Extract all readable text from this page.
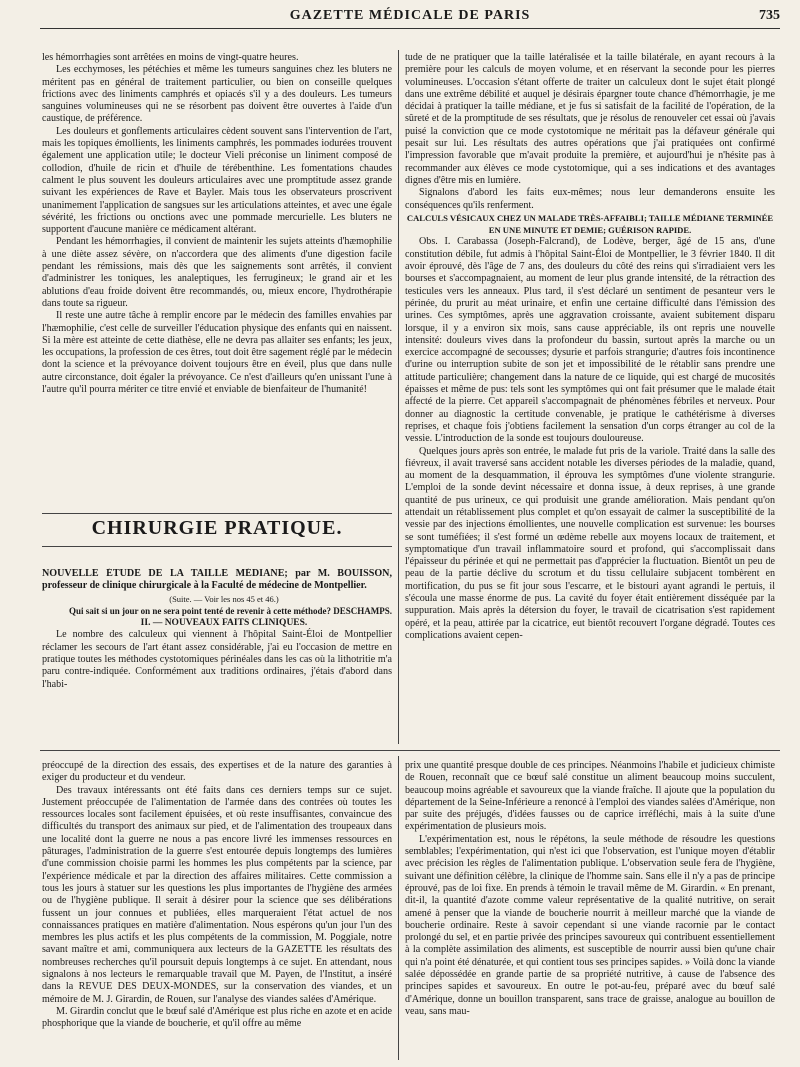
GAZETTE MÉDICALE DE PARIS	735

les hémorrhagies sont arrêtées en moins de vingt-quatre heures.

Les ecchymoses, les pétéchies et même les tumeurs sanguines chez les bluters ne méritent pas en général de traitement particulier, ou bien on conseille quelques frictions avec des liniments camphrés et opiacés s'il y a des douleurs. Les tumeurs sanguines volumineuses qui ne se résorbent pas doivent être ouvertes à l'aide d'un caustique, de préférence.

Les douleurs et gonflements articulaires cèdent souvent sans l'intervention de l'art, mais les topiques émollients, les liniments camphrés, les pommades iodurées trouvent également une application utile; le docteur Vieli préconise un liniment composé de collodion, d'huile de ricin et d'huile de térébenthine. Les fomentations chaudes calment le plus souvent les douleurs articulaires avec une promptitude assez grande suivant les expériences de Rave et Bayler. Mais tous les observateurs proscrivent unanimement l'application de sangsues sur les articulations atteintes, et avec une égale sévérité, les frictions ou onctions avec une pommade mercurielle. Les bluters ne supportent d'aucune manière ce médicament altérant.

Pendant les hémorrhagies, il convient de maintenir les sujets atteints d'hæmophilie à une diète assez sévère, on n'accordera que des aliments d'une digestion facile pendant les rémissions, mais dès que les saignements sont arrêtés, il convient d'administrer les toniques, les analeptiques, les ferrugineux; le grand air et les ablutions d'eau froide doivent être recommandés, ou, mieux encore, l'hydrothérapie dans toute sa rigueur.

Il reste une autre tâche à remplir encore par le médecin des familles envahies par l'hæmophilie, c'est celle de surveiller l'éducation physique des enfants qui en naissent. Si la mère est atteinte de cette diathèse, elle ne devra pas allaiter ses enfants; les jeux, les occupations, la profession de ces êtres, tout doit être sagement réglé par le médecin dont la science et la prévoyance doivent toujours être en éveil, plus que dans nulle autre circonstance, doit égaler la prévoyance. Ce n'est d'ailleurs qu'en unissant l'une à l'autre qu'il pourra mériter ce titre envié et enviable de bienfaiteur de l'humanité!

CHIRURGIE PRATIQUE.

NOUVELLE ÉTUDE DE LA TAILLE MÉDIANE; par M. BOUISSON, professeur de clinique chirurgicale à la Faculté de médecine de Montpellier.

(Suite. — Voir les nos 45 et 46.)

Qui sait si un jour on ne sera point tenté de revenir à cette méthode? DESCHAMPS.

II. — NOUVEAUX FAITS CLINIQUES.

Le nombre des calculeux qui viennent à l'hôpital Saint-Éloi de Montpellier réclamer les secours de l'art étant assez considérable, j'ai eu l'occasion de mettre en pratique toutes les méthodes cystotomiques périnéales dans les cas où la lithotritie m'a paru contre-indiquée. Conformément aux traditions ordinaires, j'étais d'abord dans l'habi-

tude de ne pratiquer que la taille latéralisée et la taille bilatérale, en ayant recours à la première pour les calculs de moyen volume, et en réservant la seconde pour les pierres volumineuses. L'occasion s'étant offerte de traiter un calculeux dont le sujet était plongé dans une extrême débilité et auquel je désirais épargner toute chance d'hémorrhagie, je me décidai à pratiquer la taille médiane, et je fus si satisfait de la facilité de l'opération, de la sûreté et de la promptitude de ses résultats, que je résolus de renouveler cet essai où j'avais puisé la conviction que ce mode cystotomique ne méritait pas la défaveur générale qui pesait sur lui. Les résultats des autres opérations que j'ai pratiquées ont confirmé l'impression favorable que m'avait produite la première, et aujourd'hui je n'hésite pas à recommander aux élèves ce mode cystotomique, qui a ses indications et des avantages dignes d'être mis en lumière.

Signalons d'abord les faits eux-mêmes; nous leur demanderons ensuite les conséquences qu'ils renferment.

CALCULS VÉSICAUX CHEZ UN MALADE TRÈS-AFFAIBLI; TAILLE MÉDIANE TERMINÉE EN UNE MINUTE ET DEMIE; GUÉRISON RAPIDE.

Obs. I. Carabassa (Joseph-Falcrand), de Lodève, berger, âgé de 15 ans, d'une constitution débile, fut admis à l'hôpital Saint-Éloi de Montpellier, le 3 février 1840. Il dit avoir éprouvé, dès l'âge de 7 ans, des douleurs du côté des reins qui s'irradiaient vers les bourses et s'accompagnaient, au moment de leur plus grande intensité, de la rétraction des testicules vers les anneaux. Plus tard, il s'est déclaré un sentiment de pesanteur vers le périnée, du prurit au méat urinaire, et enfin une certaine difficulté dans l'émission des urines. Ces symptômes, après une aggravation croissante, avaient subitement disparu lorsque, il y a environ six mois, sans cause appréciable, ils ont repris une nouvelle intensité: douleurs vives dans la profondeur du bassin, surtout après la marche ou un exercice accompagné de secousses; dysurie et parfois strangurie; d'autres fois incontinence d'urine ou interruption subite de son jet et impossibilité de le rétablir sans prendre une attitude particulière; changement dans la nature de ce liquide, qui est chargé de mucosités épaisses et même de pus: tels sont les symptômes qui ont fait présumer que le malade était affecté de la pierre. Cet appareil s'accompagnait de phénomènes fébriles et nerveux. Pour donner au diagnostic la certitude convenable, je pratique le cathétérisme à diverses reprises, et chaque fois j'obtiens facilement la sensation d'un corps étranger au col de la vessie. L'introduction de la sonde est toujours douloureuse.

Quelques jours après son entrée, le malade fut pris de la variole. Traité dans la salle des fiévreux, il avait traversé sans accident notable les diverses périodes de la maladie, quand, au moment de la desquammation, il éprouva les symptômes d'une violente strangurie. L'emploi de la sonde devint nécessaire et donna issue, à deux reprises, à une grande quantité de pus urineux, ce qui produisit une grande amélioration. Mais pendant qu'on attendait un rétablissement plus complet et qu'on essayait de calmer la susceptibilité de la vessie par des injections émollientes, une nouvelle complication est survenue: les bourses se sont tuméfiées; il s'est formé un œdème rebelle aux moyens locaux de traitement, et symptomatique d'un travail inflammatoire sourd et profond, qui s'accomplissait dans l'épaisseur du périnée et qui ne permettait pas d'apprécier la fluctuation. Bientôt un peu de peau de la partie déclive du scrotum et du tissu cellulaire subjacent tombèrent en mortification, du pus se fit jour sous l'escarre, et le bistouri ayant agrandi le pertuis, il s'écoula une masse énorme de pus. La cavité du foyer était entièrement disséquée par la suppuration. Mais après la détersion du foyer, le travail de cicatrisation s'est rapidement opéré, et la peau, attirée par la cicatrice, eut bientôt recouvert l'organe dégradé. Toutes ces complications avaient cepen-

préoccupé de la direction des essais, des expertises et de la nature des garanties à exiger du producteur et du vendeur.

Des travaux intéressants ont été faits dans ces derniers temps sur ce sujet. Justement préoccupée de l'alimentation de l'armée dans des contrées où toutes les ressources locales sont facilement épuisées, et où reste insuffisantes, convaincue des difficultés du transport des animaux sur pied, et de l'alimentation des troupeaux dans une localité dont la guerre ne nous a pas encore livré les immenses ressources en pâturages, l'administration de la guerre s'est entourée depuis longtemps des lumières d'une commission choisie parmi les hommes les plus compétents par la science, par l'expérience médicale et par la direction des affaires militaires. Cette commission a tous les jours à statuer sur les questions les plus importantes de l'hygiène des armées ou de l'hygiène publique. Il serait à désirer pour la science que ses délibérations fussent un jour connues et publiées, elles marqueraient l'état actuel de nos connaissances pratiques en matière d'alimentation. Nous espérons qu'un jour l'un des membres les plus actifs et les plus compétents de la commission, M. Poggiale, notre savant maître et ami, communiquera aux lecteurs de la GAZETTE les résultats des nombreuses recherches qu'il poursuit depuis longtemps à ce sujet. En attendant, nous signalons à nos lecteurs le remarquable travail que M. Payen, de l'Institut, a inséré dans la REVUE DES DEUX-MONDES, sur la conservation des viandes, et un mémoire de M. J. Girardin, de Rouen, sur l'analyse des viandes salées d'Amérique.

M. Girardin conclut que le bœuf salé d'Amérique est plus riche en azote et en acide phosphorique que la viande de boucherie, et qu'il offre au même

prix une quantité presque double de ces principes. Néanmoins l'habile et judicieux chimiste de Rouen, reconnaît que ce bœuf salé constitue un aliment beaucoup moins succulent, beaucoup moins agréable et savoureux que la viande fraîche. Il ajoute que la population du département de la Seine-Inférieure a renoncé à l'emploi des viandes salées d'Amérique, non par suite des préjugés, d'idées fausses ou de caprice irréfléchi, mais à la suite d'une expérimentation de plusieurs mois.

L'expérimentation est, nous le répétons, la seule méthode de résoudre les questions semblables; l'expérimentation, qui n'est ici que l'observation, est l'unique moyen d'établir avec précision les règles de l'alimentation publique. L'observation seule fera de l'hygiène, suivant une définition célèbre, la clinique de l'homme sain. Sans elle il n'y a pas de principe éprouvé, pas de loi fixe. En prends à témoin le travail même de M. Girardin. « En prenant, dit-il, la quantité d'azote comme valeur représentative de la qualité nutritive, on serait amené à penser que la viande de boucherie nourrit à meilleur marché que la viande de boucherie ordinaire. Reste à savoir cependant si une viande racornie par le contact prolongé du sel, et en partie privée des principes savoureux qui contribuent essentiellement à la complète assimilation des aliments, est susceptible de nourrir aussi bien qu'une chair qui n'a point été dénaturée, et qui contient tous ses principes sapides. » Voilà donc la viande salée dépossédée en grande partie de sa propriété nutritive, à cause de l'absence des principes sapides et savoureux. En outre le pot-au-feu, préparé avec du bœuf salé d'Amérique, donne un bouillon transparent, sans trace de graisse, analogue au bouillon de veau, sans mau-
